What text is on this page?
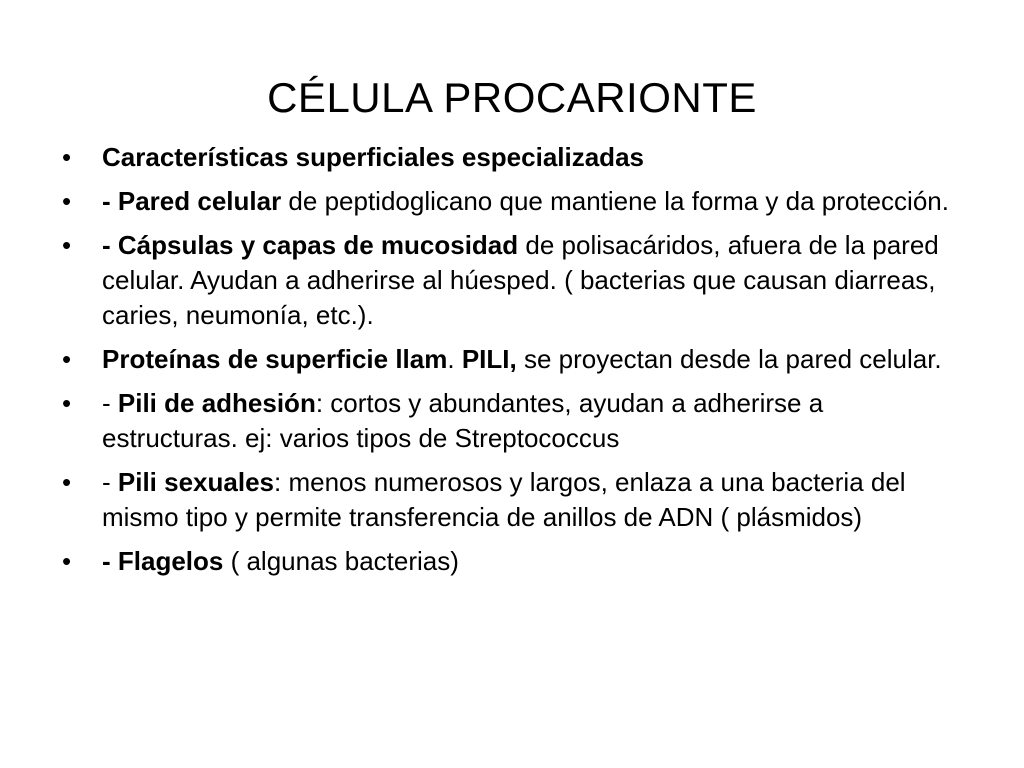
CÉLULA PROCARIONTE
•	Características superficiales especializadas
•	- Pared celular de peptidoglicano que mantiene la forma y da protección.
•	- Cápsulas y capas de mucosidad de polisacáridos, afuera de la pared celular. Ayudan a adherirse al húesped. ( bacterias que causan diarreas, caries, neumonía, etc.).
•	Proteínas de superficie llam. PILI, se proyectan desde la pared celular.
•	- Pili de adhesión: cortos y abundantes, ayudan a adherirse a estructuras. ej: varios tipos de Streptococcus
•	- Pili sexuales: menos numerosos y largos, enlaza a una bacteria del mismo tipo y permite transferencia de anillos de ADN ( plásmidos)
•	- Flagelos ( algunas bacterias)
